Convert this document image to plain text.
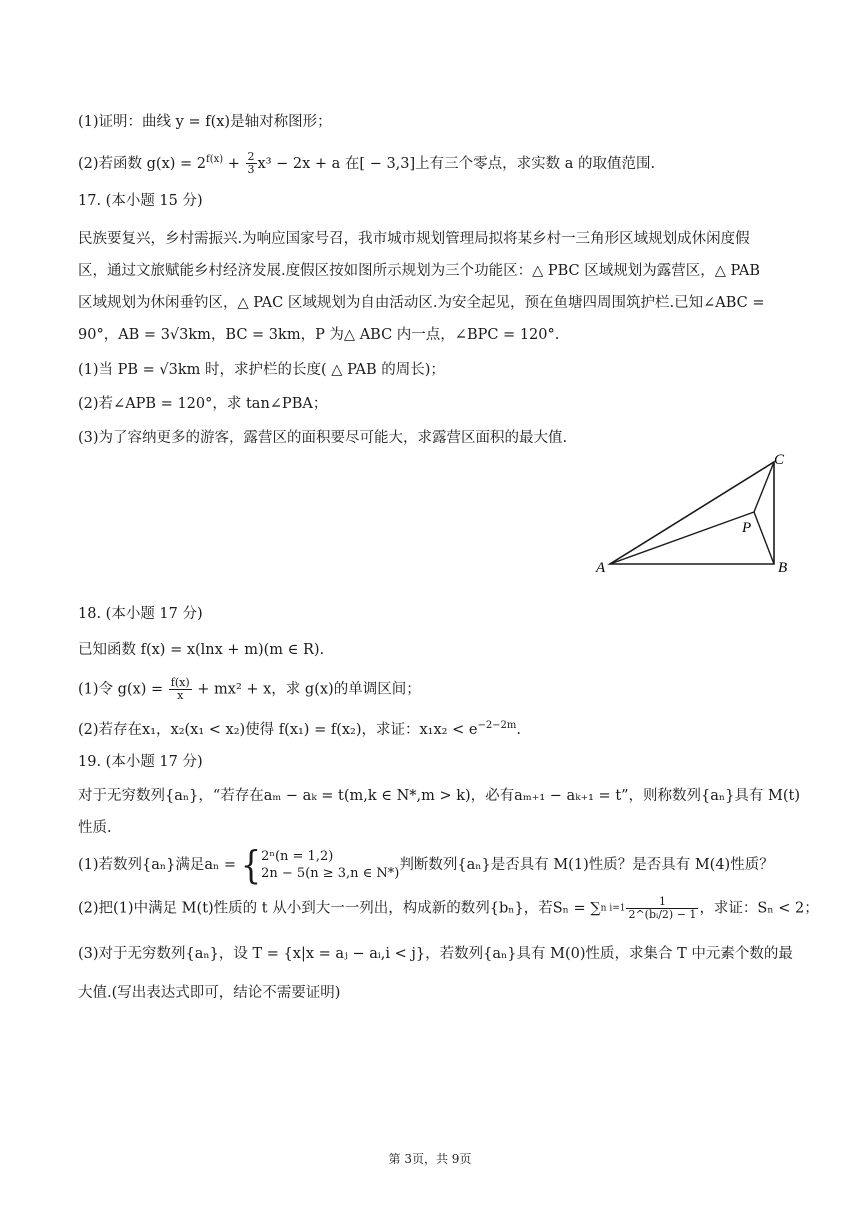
(1)证明：曲线 y = f(x)是轴对称图形；
(2)若函数 $g(x) = 2^{f(x)} + \frac{2}{3} x^3 - 2x + a$ 在[ − 3,3]上有三个零点，求实数 a 的取值范围.
17. (本小题 15 分)
民族要复兴，乡村需振兴.为响应国家号召，我市城市规划管理局拟将某乡村一三角形区域规划成休闲度假
区，通过文旅赋能乡村经济发展.度假区按如图所示规划为三个功能区：△ PBC 区域规划为露营区，△ PAB
区域规划为休闲垂钓区，△ PAC 区域规划为自由活动区.为安全起见，预在鱼塘四周围筑护栏.已知∠ABC =
90°，AB = 3√3km，BC = 3km，P 为△ ABC 内一点，∠BPC = 120°.
(1)当 PB = √3km 时，求护栏的长度( △ PAB 的周长)；
(2)若∠APB = 120°，求 tan∠PBA；
(3)为了容纳更多的游客，露营区的面积要尽可能大，求露营区面积的最大值.
A	B
C
P
18. (本小题 17 分)
已知函数 f(x) = x(lnx + m)(m ∈ R).
(1)令 $g(x) = \frac{f(x)}{x} + mx^2 + x$，求 g(x)的单调区间；
(2)若存在x₁，x₂(x₁ < x₂)使得 f(x₁) = f(x₂)，求证：$x_1x_2 < e^{-2-2m}$.
19. (本小题 17 分)
对于无穷数列{aₙ}，“若存在aₘ − aₖ = t(m,k ∈ N*,m > k)，必有aₘ₊₁ − aₖ₊₁ = t”，则称数列{aₙ}具有 M(t)
性质.
(1)若数列{aₙ}满足aₙ = { 2ⁿ(n = 1,2)
2n − 5(n ≥ 3,n ∈ N*)
判断数列{aₙ}是否具有 M(1)性质？是否具有 M(4)性质？
(2)把(1)中满足 M(t)性质的 t 从小到大一一列出，构成新的数列{bₙ}，若Sₙ = ∑n $i=1 \frac{1}{\text{2\textasciicircum{}(bᵢ/2) − 1}}$ ，求证：Sₙ < 2；
(3)对于无穷数列{aₙ}，设 T = {x|x = aⱼ − aᵢ,i < j}，若数列{aₙ}具有 M(0)性质，求集合 T 中元素个数的最
大值.(写出表达式即可，结论不需要证明)
第 3页，共 9页
